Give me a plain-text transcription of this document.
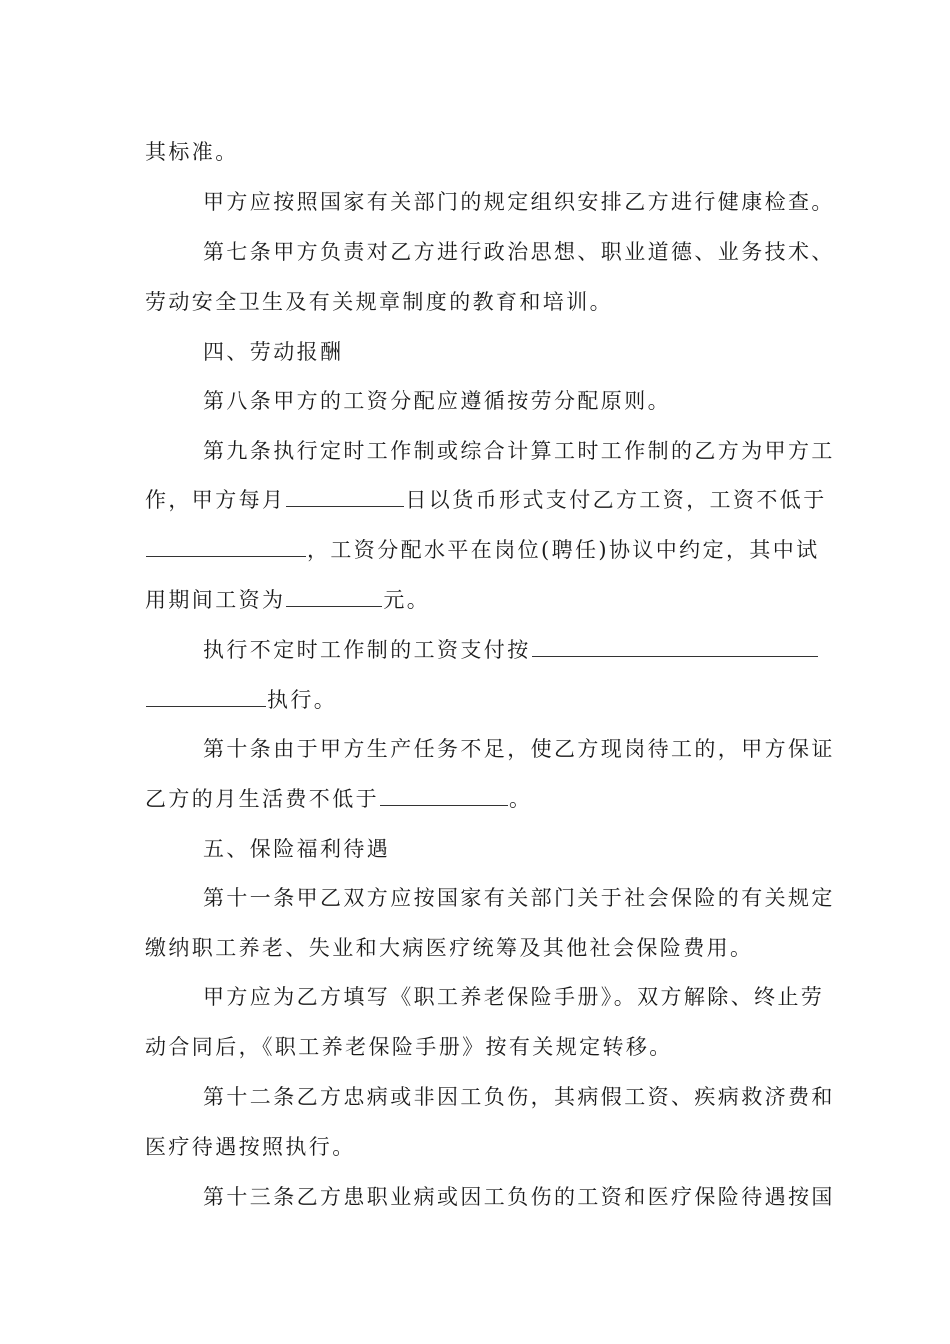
其标准。
甲方应按照国家有关部门的规定组织安排乙方进行健康检查。
第七条甲方负责对乙方进行政治思想、职业道德、业务技术、
劳动安全卫生及有关规章制度的教育和培训。
四、劳动报酬
第八条甲方的工资分配应遵循按劳分配原则。
第九条执行定时工作制或综合计算工时工作制的乙方为甲方工
作，甲方每月	日以货币形式支付乙方工资，工资不低于
，工资分配水平在岗位(聘任)协议中约定，其中试
用期间工资为	元。
执行不定时工作制的工资支付按
执行。
第十条由于甲方生产任务不足，使乙方现岗待工的，甲方保证
乙方的月生活费不低于	。
五、保险福利待遇
第十一条甲乙双方应按国家有关部门关于社会保险的有关规定
缴纳职工养老、失业和大病医疗统筹及其他社会保险费用。
甲方应为乙方填写《职工养老保险手册》。双方解除、终止劳
动合同后，《职工养老保险手册》按有关规定转移。
第十二条乙方忠病或非因工负伤，其病假工资、疾病救济费和
医疗待遇按照执行。
第十三条乙方患职业病或因工负伤的工资和医疗保险待遇按国
